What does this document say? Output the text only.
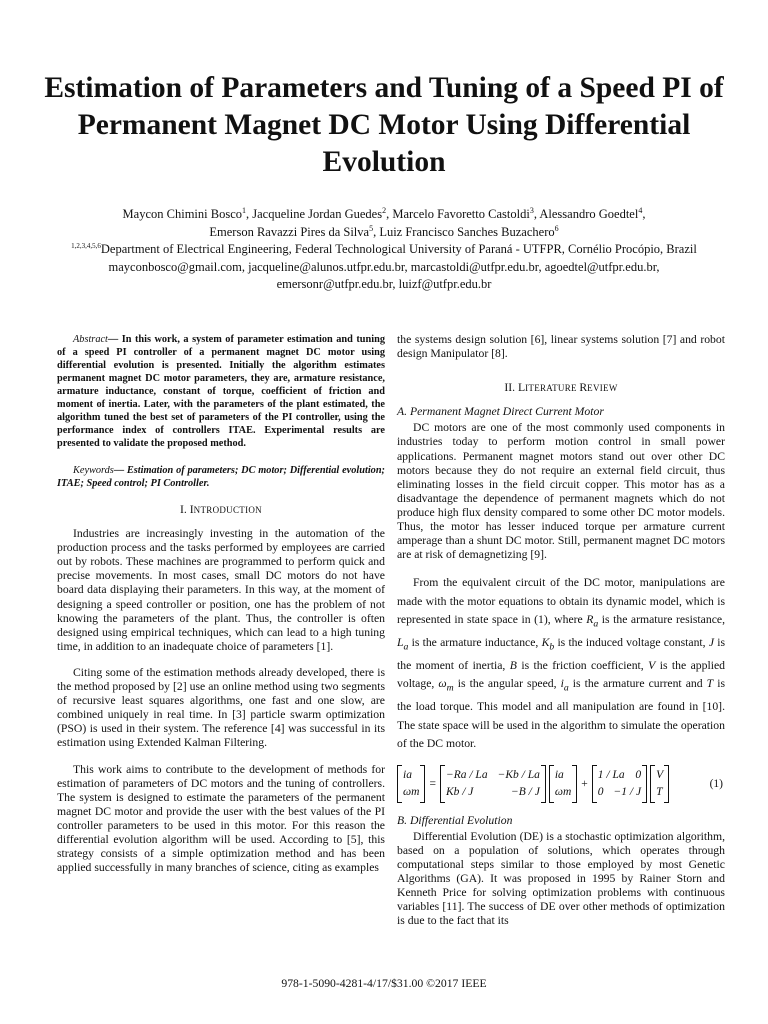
Estimation of Parameters and Tuning of a Speed PI of Permanent Magnet DC Motor Using Differential Evolution
Maycon Chimini Bosco$^1$, Jacqueline Jordan Guedes$^2$, Marcelo Favoretto Castoldi$^3$, Alessandro Goedtel$^4$,
Emerson Ravazzi Pires da Silva$^5$, Luiz Francisco Sanches Buzachero$^6$
$^{1,2,3,4,5,6}$Department of Electrical Engineering, Federal Technological University of Paraná - UTFPR, Cornélio Procópio, Brazil
mayconbosco@gmail.com, jacqueline@alunos.utfpr.edu.br, marcastoldi@utfpr.edu.br, agoedtel@utfpr.edu.br,
emersonr@utfpr.edu.br, luizf@utfpr.edu.br

Abstract— In this work, a system of parameter estimation and tuning of a speed PI controller of a permanent magnet DC motor using differential evolution is presented. Initially the algorithm estimates permanent magnet DC motor parameters, they are, armature resistance, armature inductance, constant of torque, coefficient of friction and moment of inertia. Later, with the parameters of the plant estimated, the algorithm tuned the best set of parameters of the PI controller, using the performance index of controllers ITAE. Experimental results are presented to validate the proposed method.

Keywords— Estimation of parameters; DC motor; Differential evolution; ITAE; Speed control; PI Controller.

I. INTRODUCTION

Industries are increasingly investing in the automation of the production process and the tasks performed by employees are carried out by robots. These machines are programmed to perform quick and precise movements. In most cases, small DC motors do not have board data displaying their parameters. In this way, at the moment of designing a speed controller or position, one has the problem of not knowing the parameters of the plant. Thus, the controller is often designed using empirical techniques, which can lead to a high tuning time, in addition to an inadequate choice of parameters [1].

Citing some of the estimation methods already developed, there is the method proposed by [2] use an online method using two segments of recursive least squares algorithms, one fast and one slow, are combined uniquely in real time. In [3] particle swarm optimization (PSO) is used in their system. The reference [4] was successful in its estimation using Extended Kalman Filtering.

This work aims to contribute to the development of methods for estimation of parameters of DC motors and the tuning of controllers. The system is designed to estimate the parameters of the permanent magnet DC motor and provide the user with the best values of the PI controller parameters to be used in this motor. For this reason the differential evolution algorithm will be used. According to [5], this strategy consists of a simple optimization method and has been applied successfully in many branches of science, citing as examples

the systems design solution [6], linear systems solution [7] and robot design Manipulator [8].

II. LITERATURE REVIEW

A. Permanent Magnet Direct Current Motor

DC motors are one of the most commonly used components in industries today to perform motion control in small power applications. Permanent magnet motors stand out over other DC motors because they do not require an external field circuit, thus eliminating losses in the field circuit copper. This motor has as a disadvantage the dependence of permanent magnets which do not produce high flux density compared to some other DC motor models. Thus, the motor has lesser induced torque per armature current amperage than a shunt DC motor. Still, permanent magnet DC motors are at risk of demagnetizing [9].

From the equivalent circuit of the DC motor, manipulations are made with the motor equations to obtain its dynamic model, which is represented in state space in (1), where $R_a$ is the armature resistance, $L_a$ is the armature inductance, $K_b$ is the induced voltage constant, J is the moment of inertia, B is the friction coefficient, V is the applied voltage, $\omega_m$ is the angular speed, $i_a$ is the armature current and T is the load torque. This model and all manipulation are found in [10]. The state space will be used in the algorithm to simulate the operation of the DC motor.

ia
ωm
=
−Ra / La −Kb / La
Kb / J	−B / J
ia
ωm
+
1 / La 0
0 −1 / J
V
T
(1)

B. Differential Evolution

Differential Evolution (DE) is a stochastic optimization algorithm, based on a population of solutions, which operates through computational steps similar to those employed by most Genetic Algorithms (GA). It was proposed in 1995 by Rainer Storn and Kenneth Price for solving optimization problems with continuous variables [11]. The success of DE over other methods of optimization is due to the fact that its

978-1-5090-4281-4/17/$31.00 ©2017 IEEE
